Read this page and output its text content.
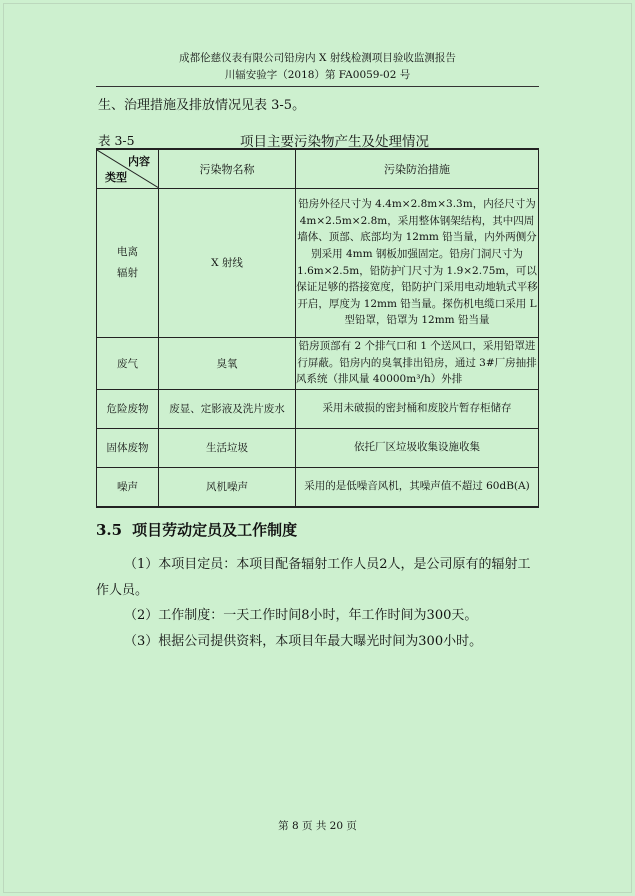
成都伦慈仪表有限公司铅房内 X 射线检测项目验收监测报告
川辐安验字（2018）第 FA0059-02 号
生、治理措施及排放情况见表 3-5。
表 3-5	项目主要污染物产生及处理情况
内容
类型	污染物名称	污染防治措施
电离
辐射	X 射线	铅房外径尺寸为 4.4m×2.8m×3.3m，内径尺寸为 4m×2.5m×2.8m，采用整体钢架结构，其中四周墙体、顶部、底部均为 12mm 铅当量，内外两侧分别采用 4mm 钢板加强固定。铅房门洞尺寸为 1.6m×2.5m，铅防护门尺寸为 1.9×2.75m，可以保证足够的搭接宽度，铅防护门采用电动地轨式平移开启，厚度为 12mm 铅当量。探伤机电缆口采用 L 型铅罩，铅罩为 12mm 铅当量
废气	臭氧	铅房顶部有 2 个排气口和 1 个送风口，采用铅罩进行屏蔽。铅房内的臭氧排出铅房，通过 3#厂房抽排风系统（排风量 40000m³/h）外排
危险废物	废显、定影液及洗片废水	采用未破损的密封桶和废胶片暂存柜储存
固体废物	生活垃圾	依托厂区垃圾收集设施收集
噪声	风机噪声	采用的是低噪音风机，其噪声值不超过 60dB(A)
3.5 项目劳动定员及工作制度
（1）本项目定员：本项目配备辐射工作人员2人，是公司原有的辐射工作人员。
（2）工作制度：一天工作时间8小时，年工作时间为300天。
（3）根据公司提供资料，本项目年最大曝光时间为300小时。
第 8 页 共 20 页
